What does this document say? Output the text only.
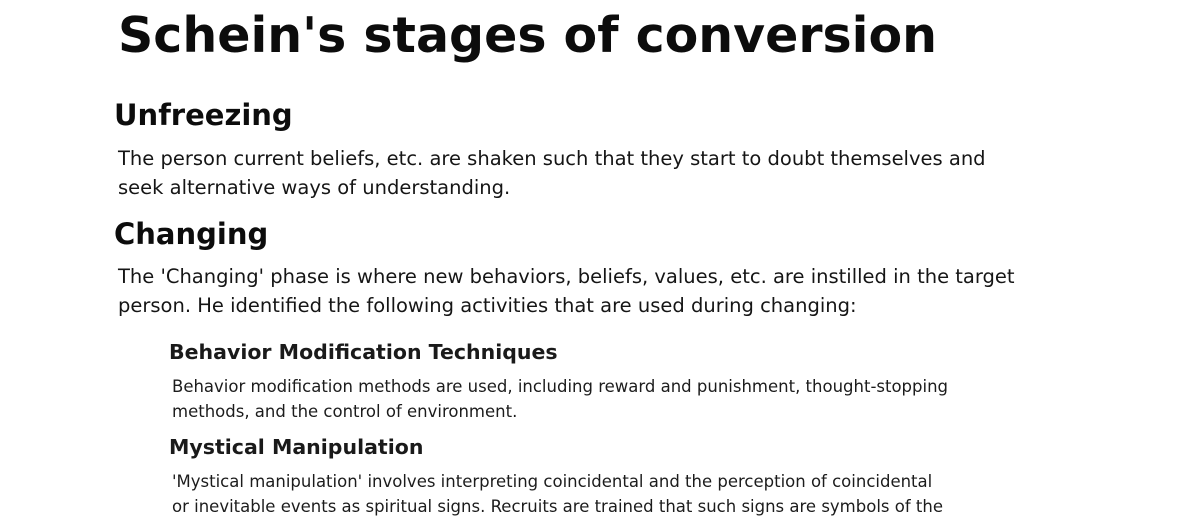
Schein's stages of conversion
Unfreezing

The person current beliefs, etc. are shaken such that they start to doubt themselves and
seek alternative ways of understanding.

Changing

The 'Changing' phase is where new behaviors, beliefs, values, etc. are instilled in the target
person. He identified the following activities that are used during changing:

Behavior Modification Techniques

Behavior modification methods are used, including reward and punishment, thought-stopping
methods, and the control of environment.

Mystical Manipulation

'Mystical manipulation' involves interpreting coincidental and the perception of coincidental
or inevitable events as spiritual signs. Recruits are trained that such signs are symbols of the
